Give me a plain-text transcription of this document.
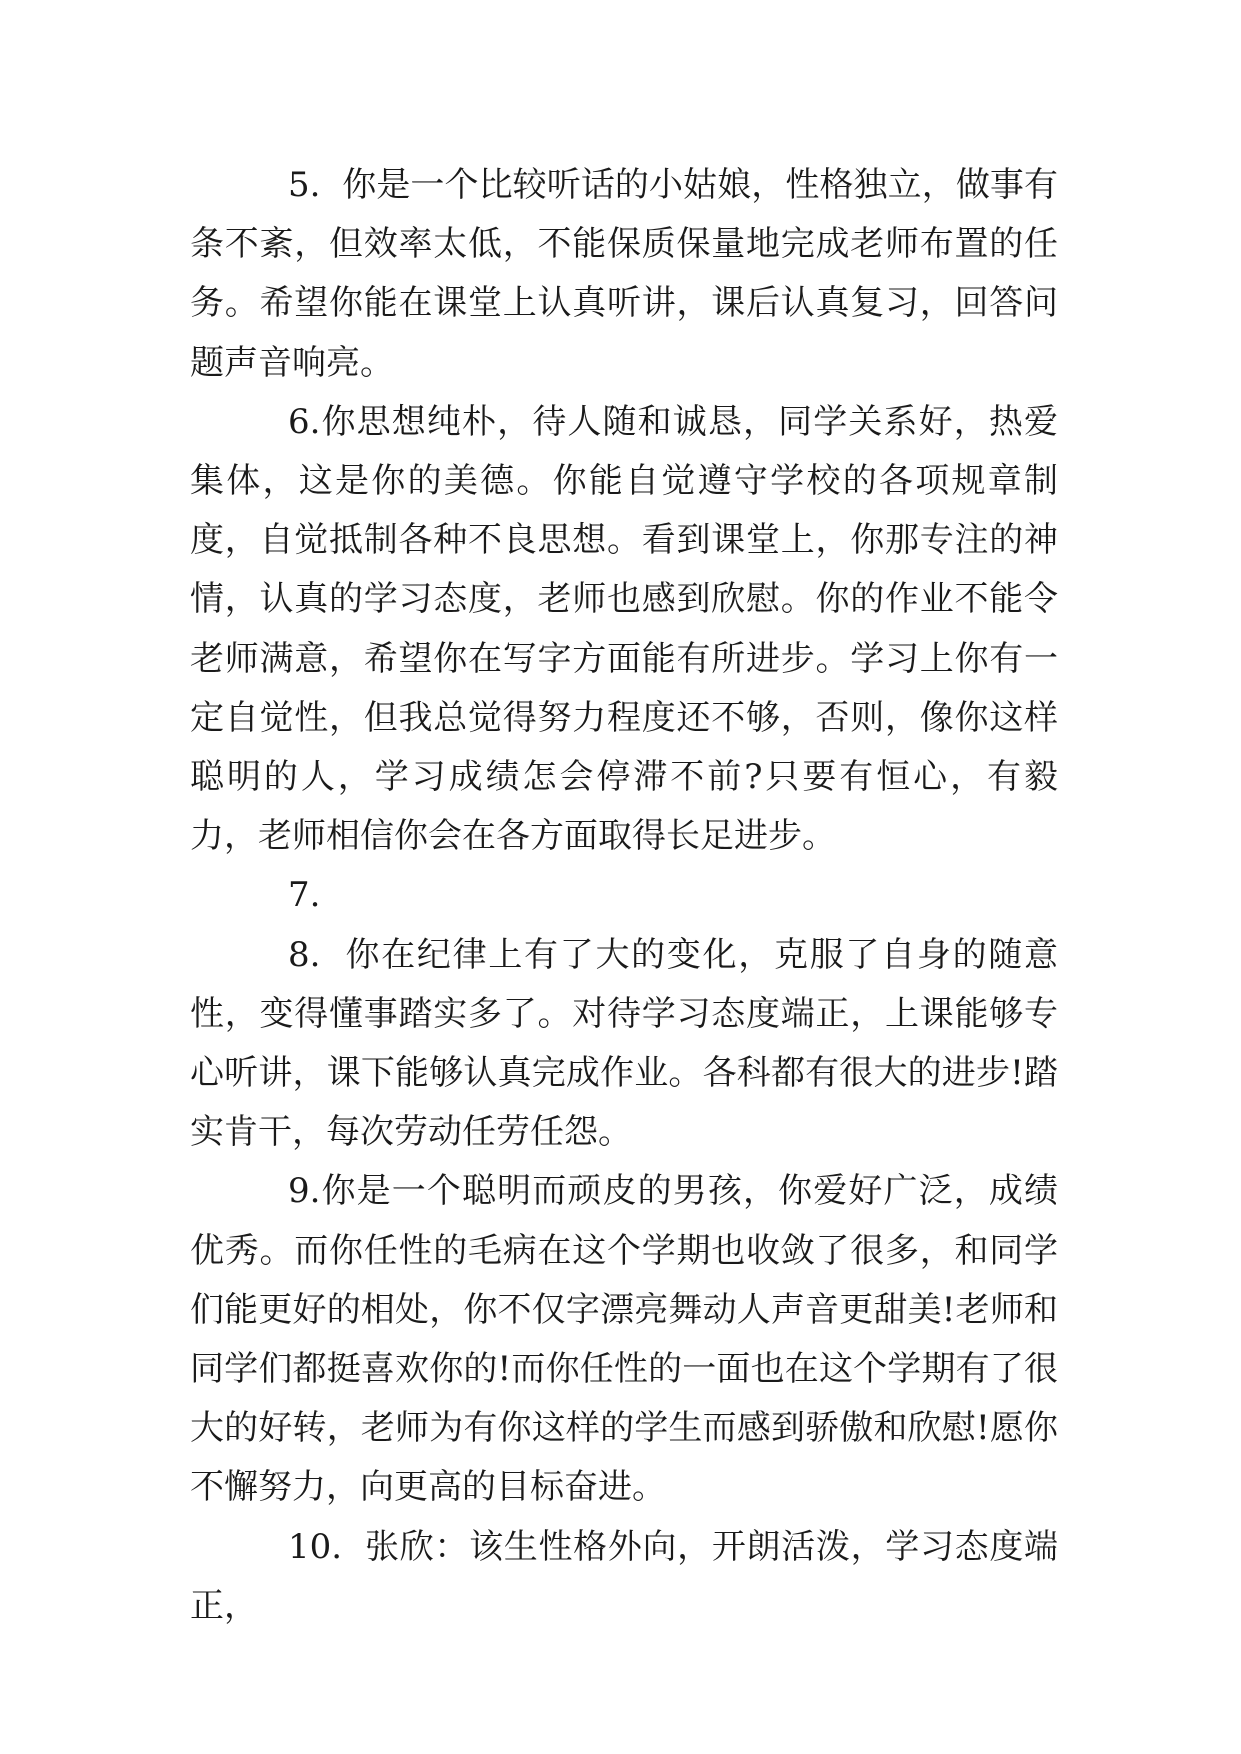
5.  你是一个比较听话的小姑娘，性格独立，做事有条不紊，但效率太低，不能保质保量地完成老师布置的任务。希望你能在课堂上认真听讲，课后认真复习，回答问题声音响亮。

6.你思想纯朴，待人随和诚恳，同学关系好，热爱集体，这是你的美德。你能自觉遵守学校的各项规章制度，自觉抵制各种不良思想。看到课堂上，你那专注的神情，认真的学习态度，老师也感到欣慰。你的作业不能令老师满意，希望你在写字方面能有所进步。学习上你有一定自觉性，但我总觉得努力程度还不够，否则，像你这样聪明的人，学习成绩怎会停滞不前?只要有恒心，有毅力，老师相信你会在各方面取得长足进步。

7.

8.  你在纪律上有了大的变化，克服了自身的随意性，变得懂事踏实多了。对待学习态度端正，上课能够专心听讲，课下能够认真完成作业。各科都有很大的进步!踏实肯干，每次劳动任劳任怨。

9.你是一个聪明而顽皮的男孩，你爱好广泛，成绩优秀。而你任性的毛病在这个学期也收敛了很多，和同学们能更好的相处，你不仅字漂亮舞动人声音更甜美!老师和同学们都挺喜欢你的!而你任性的一面也在这个学期有了很大的好转，老师为有你这样的学生而感到骄傲和欣慰!愿你不懈努力，向更高的目标奋进。

10.  张欣：该生性格外向，开朗活泼，学习态度端正，
